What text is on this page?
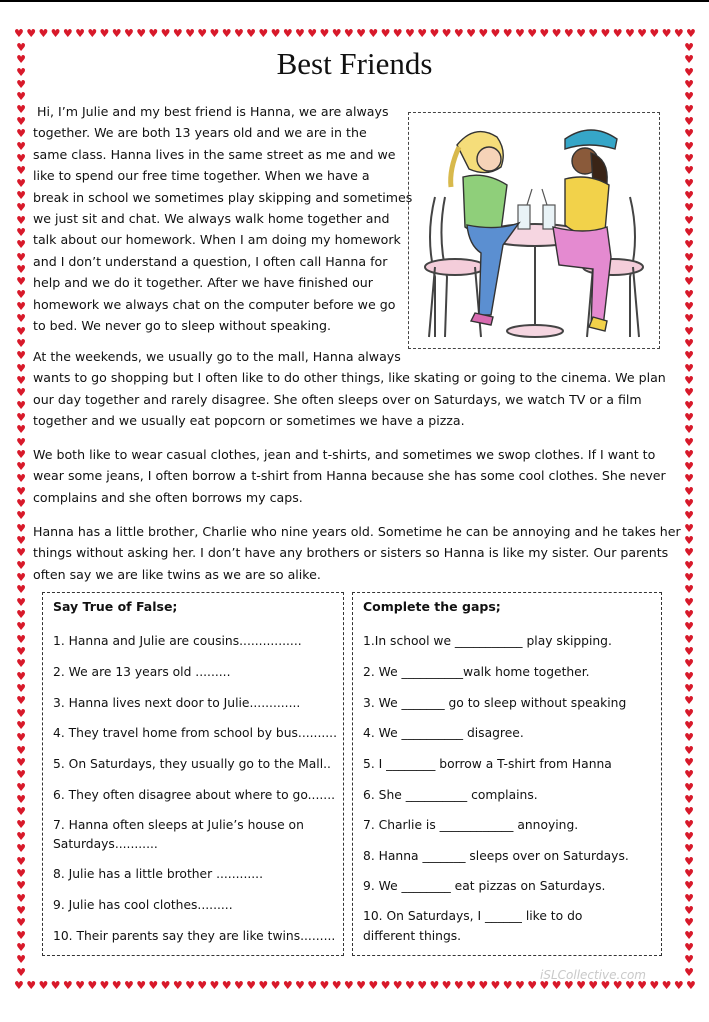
♥ ♥ ♥ ♥ ♥ ♥ ♥ ♥ ♥ ♥ ♥ ♥ ♥ ♥ ♥ ♥ ♥ ♥ ♥ ♥ ♥ ♥ ♥ ♥ ♥ ♥ ♥ ♥ ♥ ♥ ♥ ♥ ♥ ♥ ♥ ♥ ♥ ♥ ♥ ♥ ♥ ♥ ♥ ♥ ♥ ♥ ♥ ♥ ♥ ♥ ♥ ♥ ♥ ♥ ♥ ♥
♥ ♥ ♥ ♥ ♥ ♥ ♥ ♥ ♥ ♥ ♥ ♥ ♥ ♥ ♥ ♥ ♥ ♥ ♥ ♥ ♥ ♥ ♥ ♥ ♥ ♥ ♥ ♥ ♥ ♥ ♥ ♥ ♥ ♥ ♥ ♥ ♥ ♥ ♥ ♥ ♥ ♥ ♥ ♥ ♥ ♥ ♥ ♥ ♥ ♥ ♥ ♥ ♥ ♥ ♥ ♥
♥
♥
♥
♥
♥
♥
♥
♥
♥
♥
♥
♥
♥
♥
♥
♥
♥
♥
♥
♥
♥
♥
♥
♥
♥
♥
♥
♥
♥
♥
♥
♥
♥
♥
♥
♥
♥
♥
♥
♥
♥
♥
♥
♥
♥
♥
♥
♥
♥
♥
♥
♥
♥
♥
♥
♥
♥
♥
♥
♥
♥
♥
♥
♥
♥
♥
♥
♥
♥
♥
♥
♥
♥
♥
♥
♥
♥
♥
♥
♥
♥
♥
♥
♥
♥
♥
♥
♥
♥
♥
♥
♥
♥
♥
♥
♥
♥
♥
♥
♥
♥
♥
♥
♥
♥
♥
♥
♥
♥
♥
♥
♥
♥
♥
♥
♥
♥
♥
♥
♥
♥
♥
♥
♥
♥
♥
♥
♥
♥
♥
♥
♥
♥
♥
♥
♥
♥
♥
♥
♥
♥
♥
♥
♥
♥
♥
♥
♥
♥
♥
♥
♥
Best Friends
Hi, I’m Julie and my best friend is Hanna, we are always
together. We are both 13 years old and we are in the
same class. Hanna lives in the same street as me and we
like to spend our free time together. When we have a
break in school we sometimes play skipping and sometimes
we just sit and chat. We always walk home together and
talk about our homework. When I am doing my homework
and I don’t understand a question, I often call Hanna for
help and we do it together. After we have finished our
homework we always chat on the computer before we go
to bed. We never go to sleep without speaking.
At the weekends, we usually go to the mall, Hanna always
wants to go shopping but I often like to do other things, like skating or going to the cinema. We plan
our day together and rarely disagree. She often sleeps over on Saturdays, we watch TV or a film
together and we usually eat popcorn or sometimes we have a pizza.
We both like to wear casual clothes, jean and t-shirts, and sometimes we swop clothes. If I want to
wear some jeans, I often borrow a t-shirt from Hanna because she has some cool clothes. She never
complains and she often borrows my caps.
Hanna has a little brother, Charlie who nine years old. Sometime he can be annoying and he takes her
things without asking her. I don’t have any brothers or sisters so Hanna is like my sister. Our parents
often say we are like twins as we are so alike.
Say True of False;
1. Hanna and Julie are cousins................
2. We are 13 years old .........
3. Hanna lives next door to Julie.............
4. They travel home from school by bus..........
5. On Saturdays, they usually go to the Mall..
6. They often disagree about where to go.......
7. Hanna often sleeps at Julie’s house on
Saturdays...........
8. Julie has a little brother ............
9. Julie has cool clothes.........
10. Their parents say they are like twins.........
Complete the gaps;
1.In school we ___________ play skipping.
2. We __________walk home together.
3. We _______ go to sleep without speaking
4. We __________ disagree.
5. I ________ borrow a T-shirt from Hanna
6. She __________ complains.
7. Charlie is ____________ annoying.
8. Hanna _______ sleeps over on Saturdays.
9. We ________ eat pizzas on Saturdays.
10. On Saturdays, I ______ like to do
different things.
iSLCollective.com
